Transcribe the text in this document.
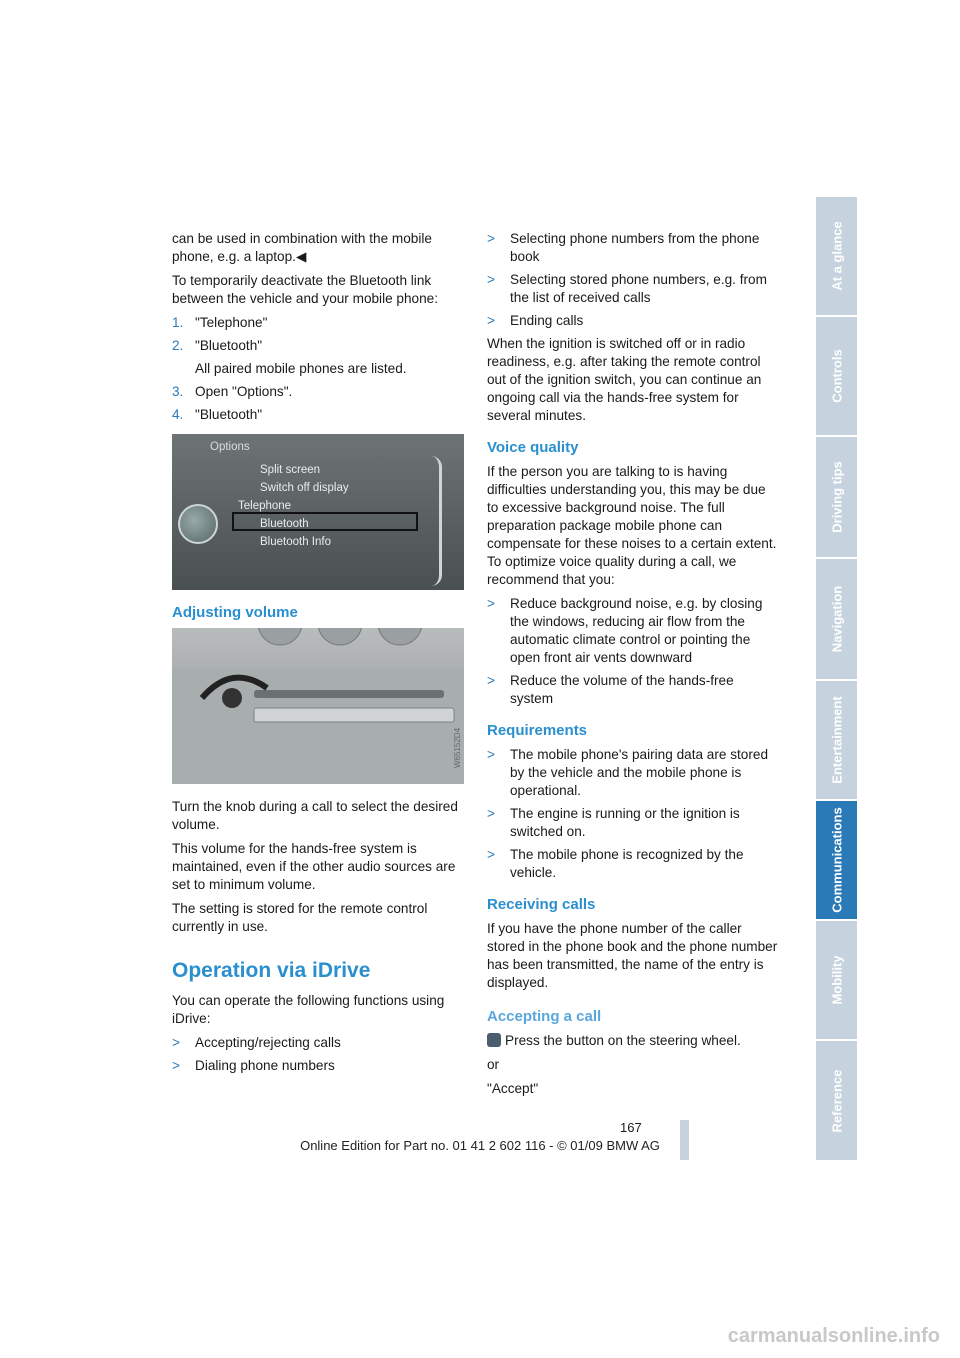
can be used in combination with the mobile phone, e.g. a laptop.◀

To temporarily deactivate the Bluetooth link between the vehicle and your mobile phone:

1. "Telephone"
2. "Bluetooth"
All paired mobile phones are listed.
3. Open "Options".
4. "Bluetooth"
Options
Split screen
Switch off display
Telephone
Bluetooth
Bluetooth Info
Adjusting volume
W65152D4

Turn the knob during a call to select the desired volume.

This volume for the hands-free system is maintained, even if the other audio sources are set to minimum volume.

The setting is stored for the remote control currently in use.

Operation via iDrive

You can operate the following functions using iDrive:

>	Accepting/rejecting calls
>	Dialing phone numbers
>	Selecting phone numbers from the phone book
>	Selecting stored phone numbers, e.g. from the list of received calls
>	Ending calls

When the ignition is switched off or in radio readiness, e.g. after taking the remote control out of the ignition switch, you can continue an ongoing call via the hands-free system for several minutes.

Voice quality

If the person you are talking to is having difficulties understanding you, this may be due to excessive background noise. The full preparation package mobile phone can compensate for these noises to a certain extent. To optimize voice quality during a call, we recommend that you:

>	Reduce background noise, e.g. by closing the windows, reducing air flow from the automatic climate control or pointing the open front air vents downward
>	Reduce the volume of the hands-free system
Requirements
>	The mobile phone's pairing data are stored by the vehicle and the mobile phone is operational.
>	The engine is running or the ignition is switched on.
>	The mobile phone is recognized by the vehicle.
Receiving calls

If you have the phone number of the caller stored in the phone book and the phone number has been transmitted, the name of the entry is displayed.

Accepting a call

Press the button on the steering wheel.

or

"Accept"

At a glance
Controls
Driving tips
Navigation
Entertainment
Communications
Mobility
Reference
167
Online Edition for Part no. 01 41 2 602 116 - © 01/09 BMW AG
carmanualsonline.info
